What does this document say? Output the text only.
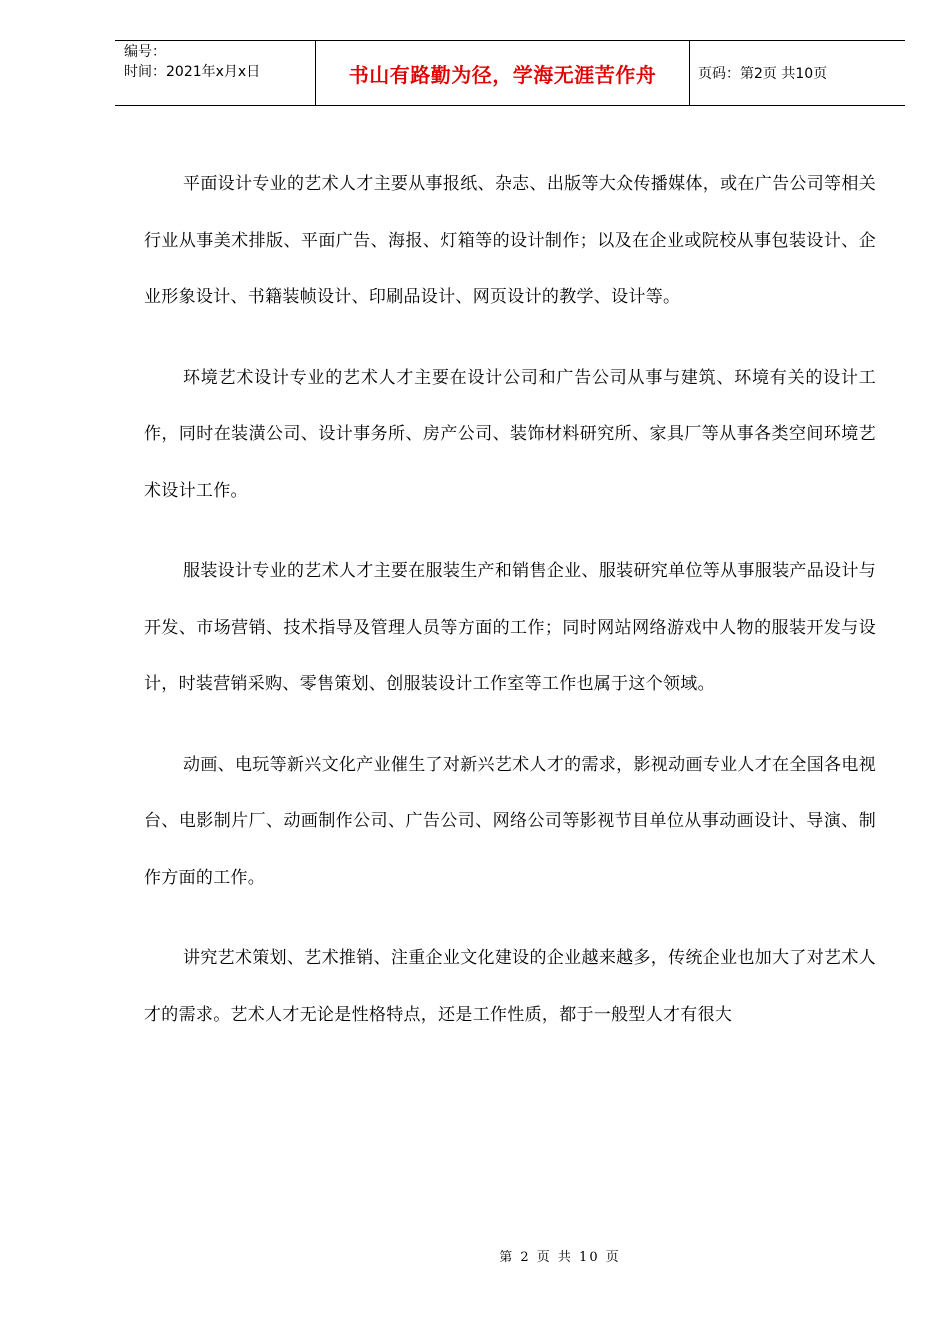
编号：
时间：2021年x月x日	书山有路勤为径，学海无涯苦作舟	页码：第2页 共10页

平面设计专业的艺术人才主要从事报纸、杂志、出版等大众传播媒体，或在广告公司等相关行业从事美术排版、平面广告、海报、灯箱等的设计制作；以及在企业或院校从事包装设计、企业形象设计、书籍装帧设计、印刷品设计、网页设计的教学、设计等。

环境艺术设计专业的艺术人才主要在设计公司和广告公司从事与建筑、环境有关的设计工作，同时在装潢公司、设计事务所、房产公司、装饰材料研究所、家具厂等从事各类空间环境艺术设计工作。

服装设计专业的艺术人才主要在服装生产和销售企业、服装研究单位等从事服装产品设计与开发、市场营销、技术指导及管理人员等方面的工作；同时网站网络游戏中人物的服装开发与设计，时装营销采购、零售策划、创服装设计工作室等工作也属于这个领域。

动画、电玩等新兴文化产业催生了对新兴艺术人才的需求，影视动画专业人才在全国各电视台、电影制片厂、动画制作公司、广告公司、网络公司等影视节目单位从事动画设计、导演、制作方面的工作。

讲究艺术策划、艺术推销、注重企业文化建设的企业越来越多，传统企业也加大了对艺术人才的需求。艺术人才无论是性格特点，还是工作性质，都于一般型人才有很大

第 2 页 共 10 页
